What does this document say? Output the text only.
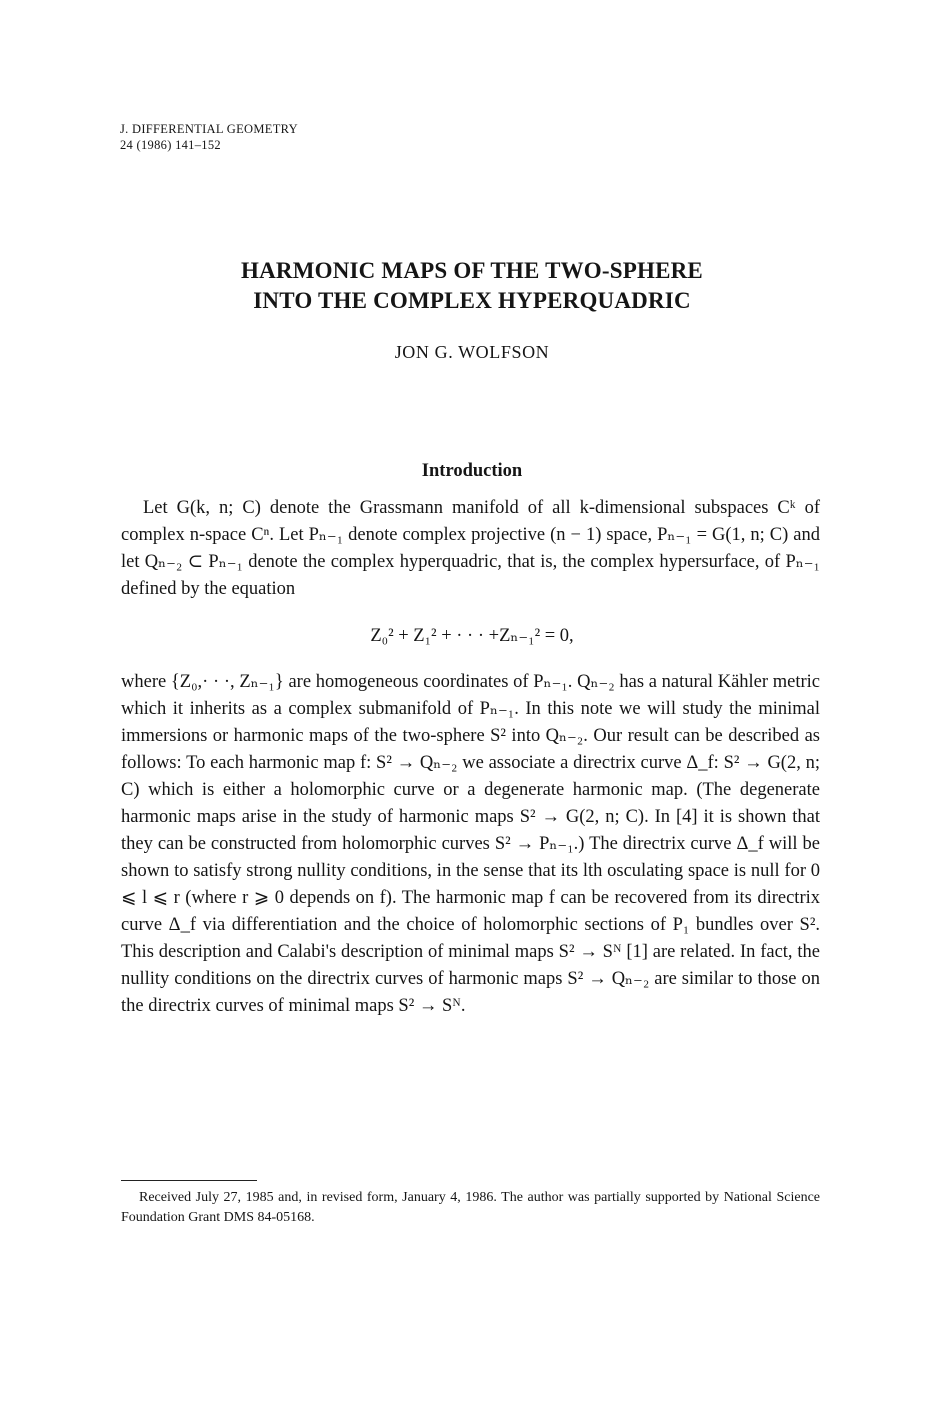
J. DIFFERENTIAL GEOMETRY
24 (1986) 141–152
HARMONIC MAPS OF THE TWO-SPHERE
INTO THE COMPLEX HYPERQUADRIC
JON G. WOLFSON
Introduction

Let G(k, n; C) denote the Grassmann manifold of all k-dimensional subspaces Cᵏ of complex n-space Cⁿ. Let Pₙ₋₁ denote complex projective (n − 1) space, Pₙ₋₁ = G(1, n; C) and let Qₙ₋₂ ⊂ Pₙ₋₁ denote the complex hyperquadric, that is, the complex hypersurface, of Pₙ₋₁ defined by the equation

Z₀² + Z₁² + · · · +Zₙ₋₁² = 0,

where {Z₀,· · ·, Zₙ₋₁} are homogeneous coordinates of Pₙ₋₁. Qₙ₋₂ has a natural Kähler metric which it inherits as a complex submanifold of Pₙ₋₁. In this note we will study the minimal immersions or harmonic maps of the two-sphere S² into Qₙ₋₂. Our result can be described as follows: To each harmonic map f: S² → Qₙ₋₂ we associate a directrix curve Δ_f: S² → G(2, n; C) which is either a holomorphic curve or a degenerate harmonic map. (The degenerate harmonic maps arise in the study of harmonic maps S² → G(2, n; C). In [4] it is shown that they can be constructed from holomorphic curves S² → Pₙ₋₁.) The directrix curve Δ_f will be shown to satisfy strong nullity conditions, in the sense that its lth osculating space is null for 0 ⩽ l ⩽ r (where r ⩾ 0 depends on f). The harmonic map f can be recovered from its directrix curve Δ_f via differentiation and the choice of holomorphic sections of P₁ bundles over S². This description and Calabi's description of minimal maps S² → Sᴺ [1] are related. In fact, the nullity conditions on the directrix curves of harmonic maps S² → Qₙ₋₂ are similar to those on the directrix curves of minimal maps S² → Sᴺ.

Received July 27, 1985 and, in revised form, January 4, 1986. The author was partially supported by National Science Foundation Grant DMS 84-05168.
